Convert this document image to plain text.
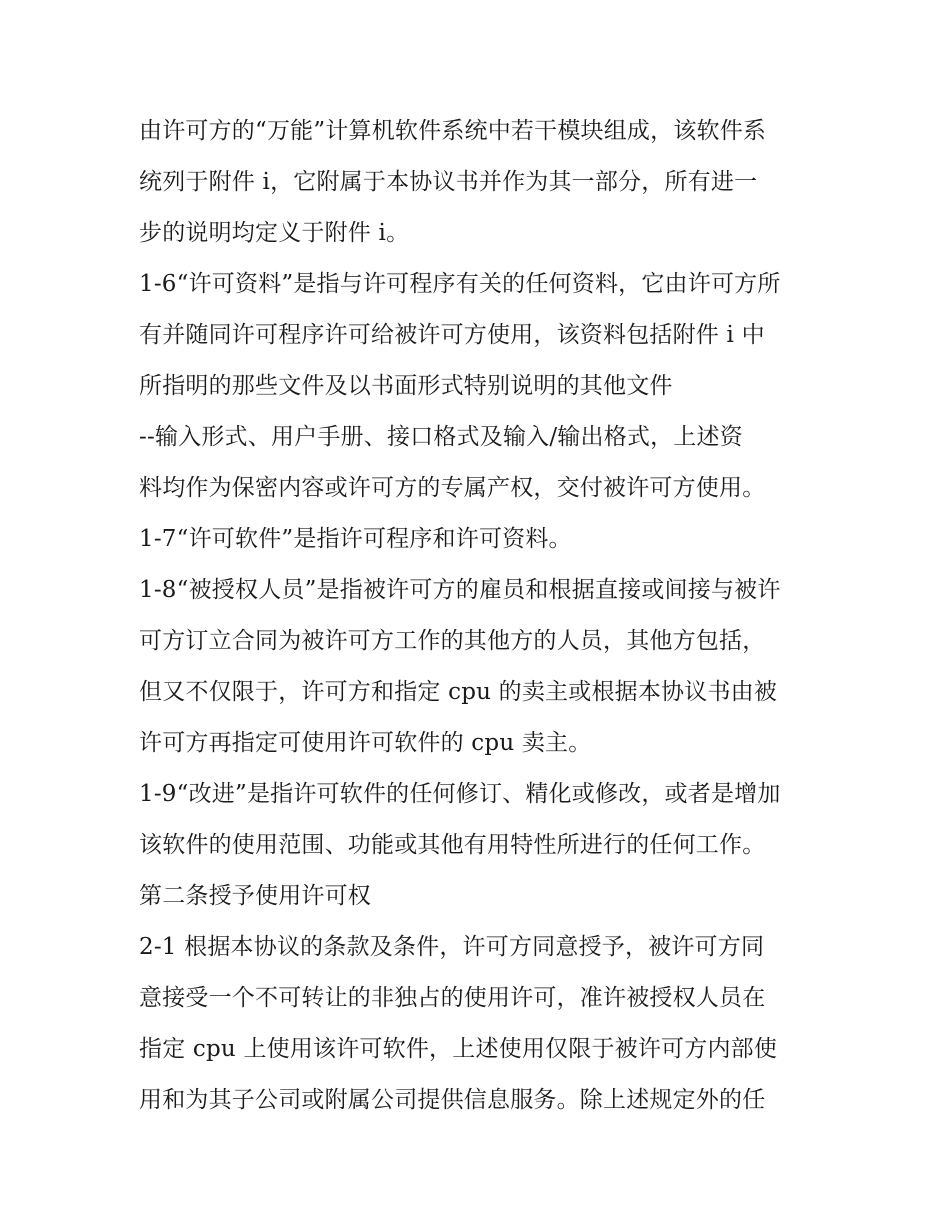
由许可方的“万能”计算机软件系统中若干模块组成，该软件系
统列于附件 i，它附属于本协议书并作为其一部分，所有进一
步的说明均定义于附件 i。
1-6“许可资料”是指与许可程序有关的任何资料，它由许可方所
有并随同许可程序许可给被许可方使用，该资料包括附件 i 中
所指明的那些文件及以书面形式特别说明的其他文件
--输入形式、用户手册、接口格式及输入/输出格式，上述资
料均作为保密内容或许可方的专属产权，交付被许可方使用。
1-7“许可软件”是指许可程序和许可资料。
1-8“被授权人员”是指被许可方的雇员和根据直接或间接与被许
可方订立合同为被许可方工作的其他方的人员，其他方包括，
但又不仅限于，许可方和指定 cpu 的卖主或根据本协议书由被
许可方再指定可使用许可软件的 cpu 卖主。
1-9“改进”是指许可软件的任何修订、精化或修改，或者是增加
该软件的使用范围、功能或其他有用特性所进行的任何工作。
第二条授予使用许可权
2-1 根据本协议的条款及条件，许可方同意授予，被许可方同
意接受一个不可转让的非独占的使用许可，准许被授权人员在
指定 cpu 上使用该许可软件，上述使用仅限于被许可方内部使
用和为其子公司或附属公司提供信息服务。除上述规定外的任
